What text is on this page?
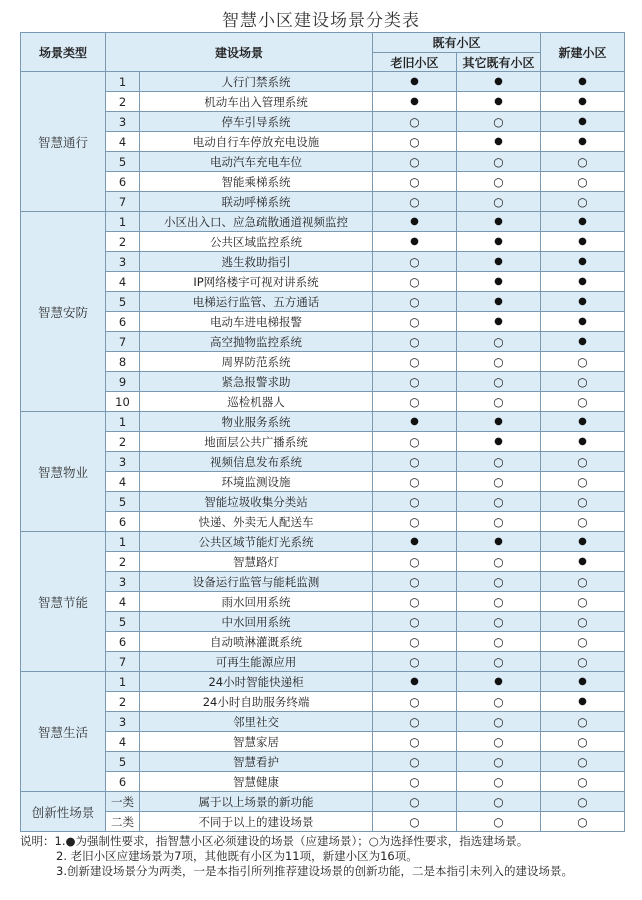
智慧小区建设场景分类表
场景类型	建设场景		既有小区		新建小区
			老旧小区	其它既有小区	
智慧通行	1	人行门禁系统	●	●	●
	2	机动车出入管理系统	●	●	●
	3	停车引导系统	○	○	●
	4	电动自行车停放充电设施	○	●	●
	5	电动汽车充电车位	○	○	○
	6	智能乘梯系统	○	○	○
	7	联动呼梯系统	○	○	○
智慧安防	1	小区出入口、应急疏散通道视频监控	●	●	●
	2	公共区域监控系统	●	●	●
	3	逃生救助指引	○	●	●
	4	IP网络楼宇可视对讲系统	○	●	●
	5	电梯运行监管、五方通话	○	●	●
	6	电动车进电梯报警	○	●	●
	7	高空抛物监控系统	○	○	●
	8	周界防范系统	○	○	○
	9	紧急报警求助	○	○	○
	10	巡检机器人	○	○	○
智慧物业	1	物业服务系统	●	●	●
	2	地面层公共广播系统	○	●	●
	3	视频信息发布系统	○	○	○
	4	环境监测设施	○	○	○
	5	智能垃圾收集分类站	○	○	○
	6	快递、外卖无人配送车	○	○	○
智慧节能	1	公共区域节能灯光系统	●	●	●
	2	智慧路灯	○	○	●
	3	设备运行监管与能耗监测	○	○	○
	4	雨水回用系统	○	○	○
	5	中水回用系统	○	○	○
	6	自动喷淋灌溉系统	○	○	○
	7	可再生能源应用	○	○	○
智慧生活	1	24小时智能快递柜	●	●	●
	2	24小时自助服务终端	○	○	●
	3	邻里社交	○	○	○
	4	智慧家居	○	○	○
	5	智慧看护	○	○	○
	6	智慧健康	○	○	○
创新性场景	一类	属于以上场景的新功能	○	○	○
	二类	不同于以上的建设场景	○	○	○
说明：1.●为强制性要求，指智慧小区必须建设的场景（应建场景）；○为选择性要求，指选建场景。
2. 老旧小区应建场景为7项，其他既有小区为11项，新建小区为16项。
3.创新建设场景分为两类，一是本指引所列推荐建设场景的创新功能，二是本指引未列入的建设场景。
